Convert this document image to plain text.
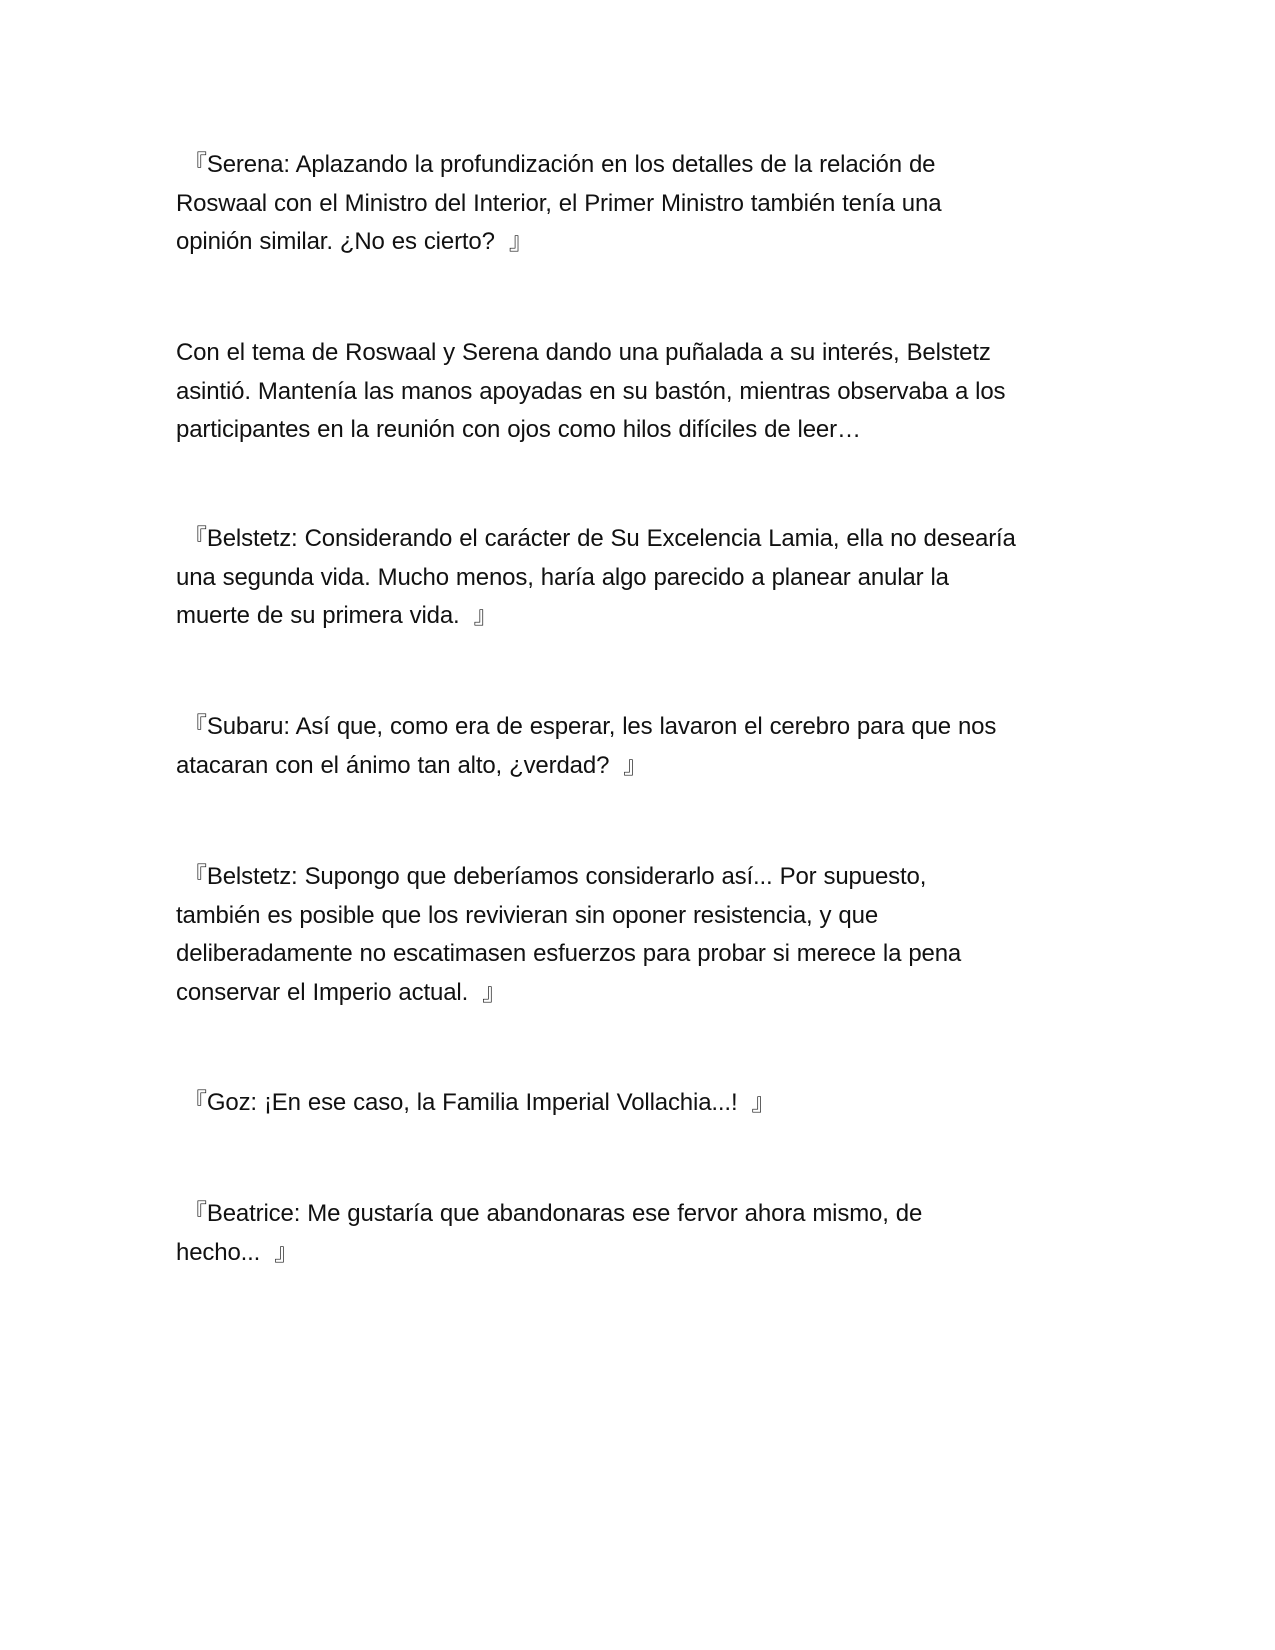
『Serena: Aplazando la profundización en los detalles de la relación de
Roswaal con el Ministro del Interior, el Primer Ministro también tenía una
opinión similar. ¿No es cierto?  』

Con el tema de Roswaal y Serena dando una puñalada a su interés, Belstetz
asintió. Mantenía las manos apoyadas en su bastón, mientras observaba a los
participantes en la reunión con ojos como hilos difíciles de leer…

『Belstetz: Considerando el carácter de Su Excelencia Lamia, ella no desearía
una segunda vida. Mucho menos, haría algo parecido a planear anular la
muerte de su primera vida.  』

『Subaru: Así que, como era de esperar, les lavaron el cerebro para que nos
atacaran con el ánimo tan alto, ¿verdad?  』

『Belstetz: Supongo que deberíamos considerarlo así... Por supuesto,
también es posible que los revivieran sin oponer resistencia, y que
deliberadamente no escatimasen esfuerzos para probar si merece la pena
conservar el Imperio actual.  』

『Goz: ¡En ese caso, la Familia Imperial Vollachia...!  』

『Beatrice: Me gustaría que abandonaras ese fervor ahora mismo, de
hecho...  』
